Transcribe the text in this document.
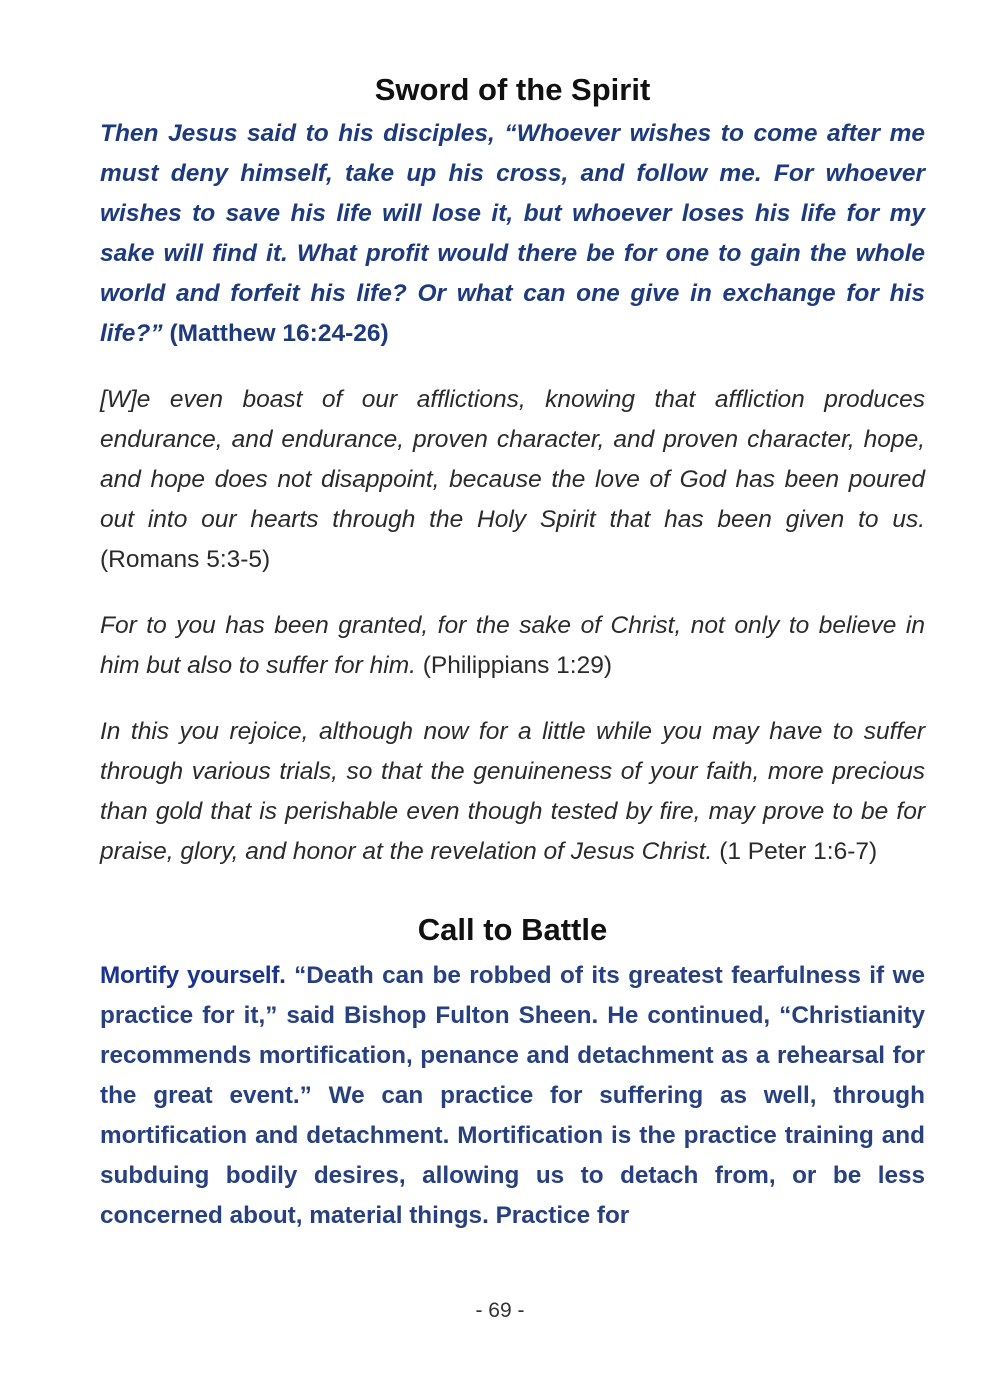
Sword of the Spirit

Then Jesus said to his disciples, “Whoever wishes to come after me must deny himself, take up his cross, and follow me. For whoever wishes to save his life will lose it, but whoever loses his life for my sake will find it. What profit would there be for one to gain the whole world and forfeit his life? Or what can one give in exchange for his life?” (Matthew 16:24-26)

[W]e even boast of our afflictions, knowing that affliction produces endurance, and endurance, proven character, and proven character, hope, and hope does not disappoint, because the love of God has been poured out into our hearts through the Holy Spirit that has been given to us. (Romans 5:3-5)

For to you has been granted, for the sake of Christ, not only to believe in him but also to suffer for him. (Philippians 1:29)

In this you rejoice, although now for a little while you may have to suffer through various trials, so that the genuineness of your faith, more precious than gold that is perishable even though tested by fire, may prove to be for praise, glory, and honor at the revelation of Jesus Christ. (1 Peter 1:6-7)

Call to Battle

Mortify yourself. “Death can be robbed of its greatest fearfulness if we practice for it,” said Bishop Fulton Sheen. He continued, “Christianity recommends mortification, penance and detachment as a rehearsal for the great event.” We can practice for suffering as well, through mortification and detachment. Mortification is the practice training and subduing bodily desires, allowing us to detach from, or be less concerned about, material things. Practice for

- 69 -
